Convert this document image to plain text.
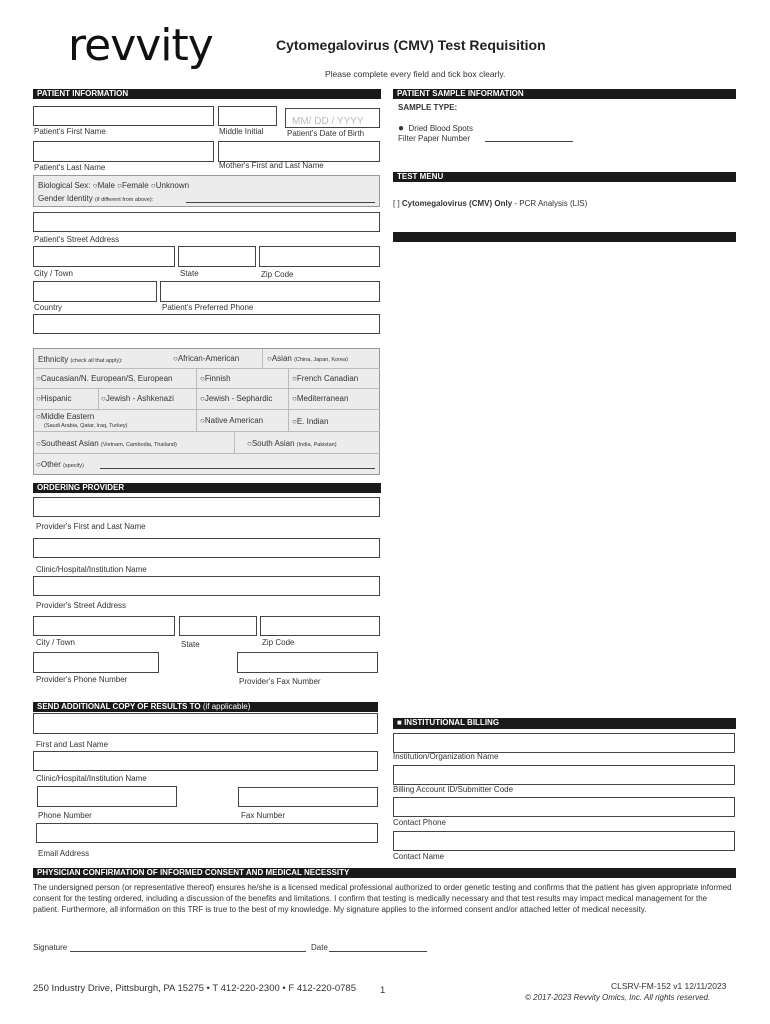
revvity	Cytomegalovirus (CMV) Test Requisition
Please complete every field and tick box clearly.
PATIENT INFORMATION
MM/ DD / YYYY
Patient's First Name	Middle Initial	Patient's Date of Birth
Patient's Last Name	Mother's First and Last Name
Biological Sex: ○Male ○Female ○Unknown
Gender Identity (if different from above):
Patient's Street Address
City / Town	State	Zip Code
Country	Patient's Preferred Phone
Ethnicity (check all that apply):	○African-American	○Asian (China, Japan, Korea)
○Caucasian/N. European/S. European	○Finnish	○French Canadian
○Hispanic	○Jewish - Ashkenazi	○Jewish - Sephardic ○Mediterranean
○Middle Eastern
(Saudi Arabia, Qatar, Iraq, Turkey)
○Native American	○E. Indian
○Southeast Asian (Vietnam, Cambodia, Thailand)	○South Asian (India, Pakistan)
○Other (specify)
ORDERING PROVIDER
Provider's First and Last Name
Clinic/Hospital/Institution Name
Provider's Street Address
City / Town	State	Zip Code
Provider's Phone Number	Provider's Fax Number
SEND ADDITIONAL COPY OF RESULTS TO (if applicable)
First and Last Name
Clinic/Hospital/Institution Name
Phone Number	Fax Number
Email Address
PATIENT SAMPLE INFORMATION
SAMPLE TYPE:
● Dried Blood Spots
Filter Paper Number
TEST MENU
[ ] Cytomegalovirus (CMV) Only - PCR Analysis (LIS)
■ INSTITUTIONAL BILLING
Institution/Organization Name
Billing Account ID/Submitter Code
Contact Phone
Contact Name
PHYSICIAN CONFIRMATION OF INFORMED CONSENT AND MEDICAL NECESSITY
The undersigned person (or representative thereof) ensures he/she is a licensed medical professional authorized to order genetic testing and confirms that the patient has given appropriate informed consent for the testing ordered, including a discussion of the benefits and limitations. I confirm that testing is medically necessary and that test results may impact medical management for the patient. Furthermore, all information on this TRF is true to the best of my knowledge. My signature applies to the informed consent and/or attached letter of medical necessity.
Signature	Date
250 Industry Drive, Pittsburgh, PA 15275 • T 412-220-2300 • F 412-220-0785	1	CLSRV-FM-152 v1 12/11/2023
© 2017-2023 Revvity Omics, Inc. All rights reserved.
